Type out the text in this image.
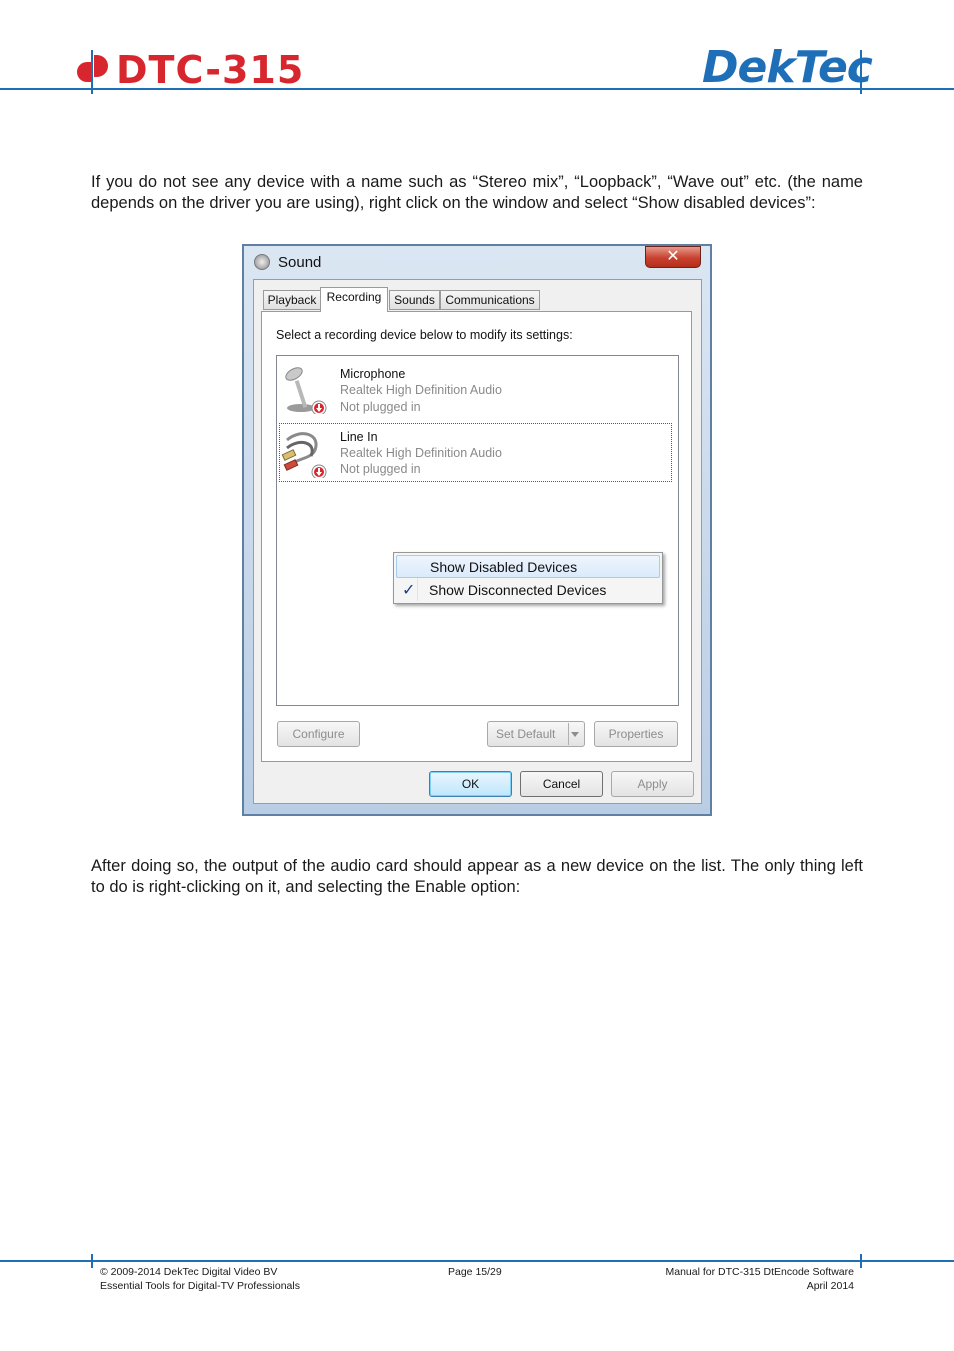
DTC-315	DekTec
If you do not see any device with a name such as “Stereo mix”, “Loopback”, “Wave out” etc. (the name depends on the driver you are using), right click on the window and select “Show disabled devices”:
Sound	✕
Playback Recording	Sounds Communications
Select a recording device below to modify its settings:
Microphone
Realtek High Definition Audio
Not plugged in
Line In
Realtek High Definition Audio
Not plugged in
Show Disabled Devices
✓ Show Disconnected Devices
Configure	Set Default	Properties
OK	Cancel	Apply
After doing so, the output of the audio card should appear as a new device on the list. The only thing left to do is right-clicking on it, and selecting the Enable option:
© 2009-2014 DekTec Digital Video BV
Essential Tools for Digital-TV Professionals
Page 15/29	Manual for DTC-315 DtEncode Software
April 2014
